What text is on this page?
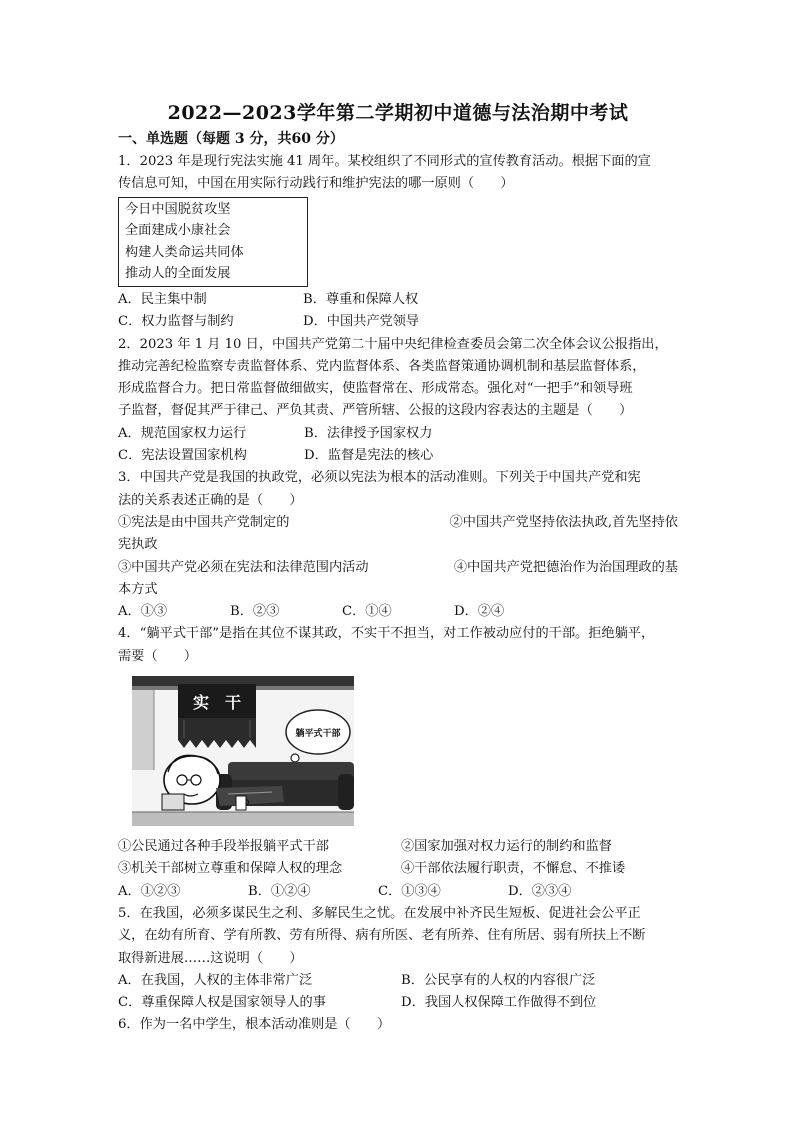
2022—2023学年第二学期初中道德与法治期中考试
一、单选题（每题 3 分，共60 分）
1．2023 年是现行宪法实施 41 周年。某校组织了不同形式的宣传教育活动。根据下面的宣
传信息可知，中国在用实际行动践行和维护宪法的哪一原则（　　）
今日中国脱贫攻坚
全面建成小康社会
构建人类命运共同体
推动人的全面发展
A．民主集中制	B．尊重和保障人权
C．权力监督与制约	D．中国共产党领导
2．2023 年 1 月 10 日，中国共产党第二十届中央纪律检查委员会第二次全体会议公报指出，
推动完善纪检监察专责监督体系、党内监督体系、各类监督策通协调机制和基层监督体系，
形成监督合力。把日常监督做细做实，使监督常在、形成常态。强化对“一把手”和领导班
子监督，督促其严于律己、严负其责、严管所辖、公报的这段内容表达的主题是（　　）
A．规范国家权力运行	B．法律授予国家权力
C．宪法设置国家机构	D．监督是宪法的核心
3．中国共产党是我国的执政党，必须以宪法为根本的活动准则。下列关于中国共产党和宪
法的关系表述正确的是（　　）
①宪法是由中国共产党制定的	②中国共产党坚持依法执政,首先坚持依
宪执政
③中国共产党必须在宪法和法律范围内活动	④中国共产党把德治作为治国理政的基
本方式
A．①③	B．②③	C．①④	D．②④
4．“躺平式干部”是指在其位不谋其政，不实干不担当，对工作被动应付的干部。拒绝躺平，
需要（　　）
实　干
躺平式干部
①公民通过各种手段举报躺平式干部	②国家加强对权力运行的制约和监督
③机关干部树立尊重和保障人权的理念	④干部依法履行职责，不懈怠、不推诿
A．①②③	B．①②④	C．①③④	D．②③④
5．在我国，必须多谋民生之利、多解民生之忧。在发展中补齐民生短板、促进社会公平正
义，在幼有所育、学有所教、劳有所得、病有所医、老有所养、住有所居、弱有所扶上不断
取得新进展……这说明（　　）
A．在我国，人权的主体非常广泛	B．公民享有的人权的内容很广泛
C．尊重保障人权是国家领导人的事	D．我国人权保障工作做得不到位
6．作为一名中学生，根本活动准则是（　　）
